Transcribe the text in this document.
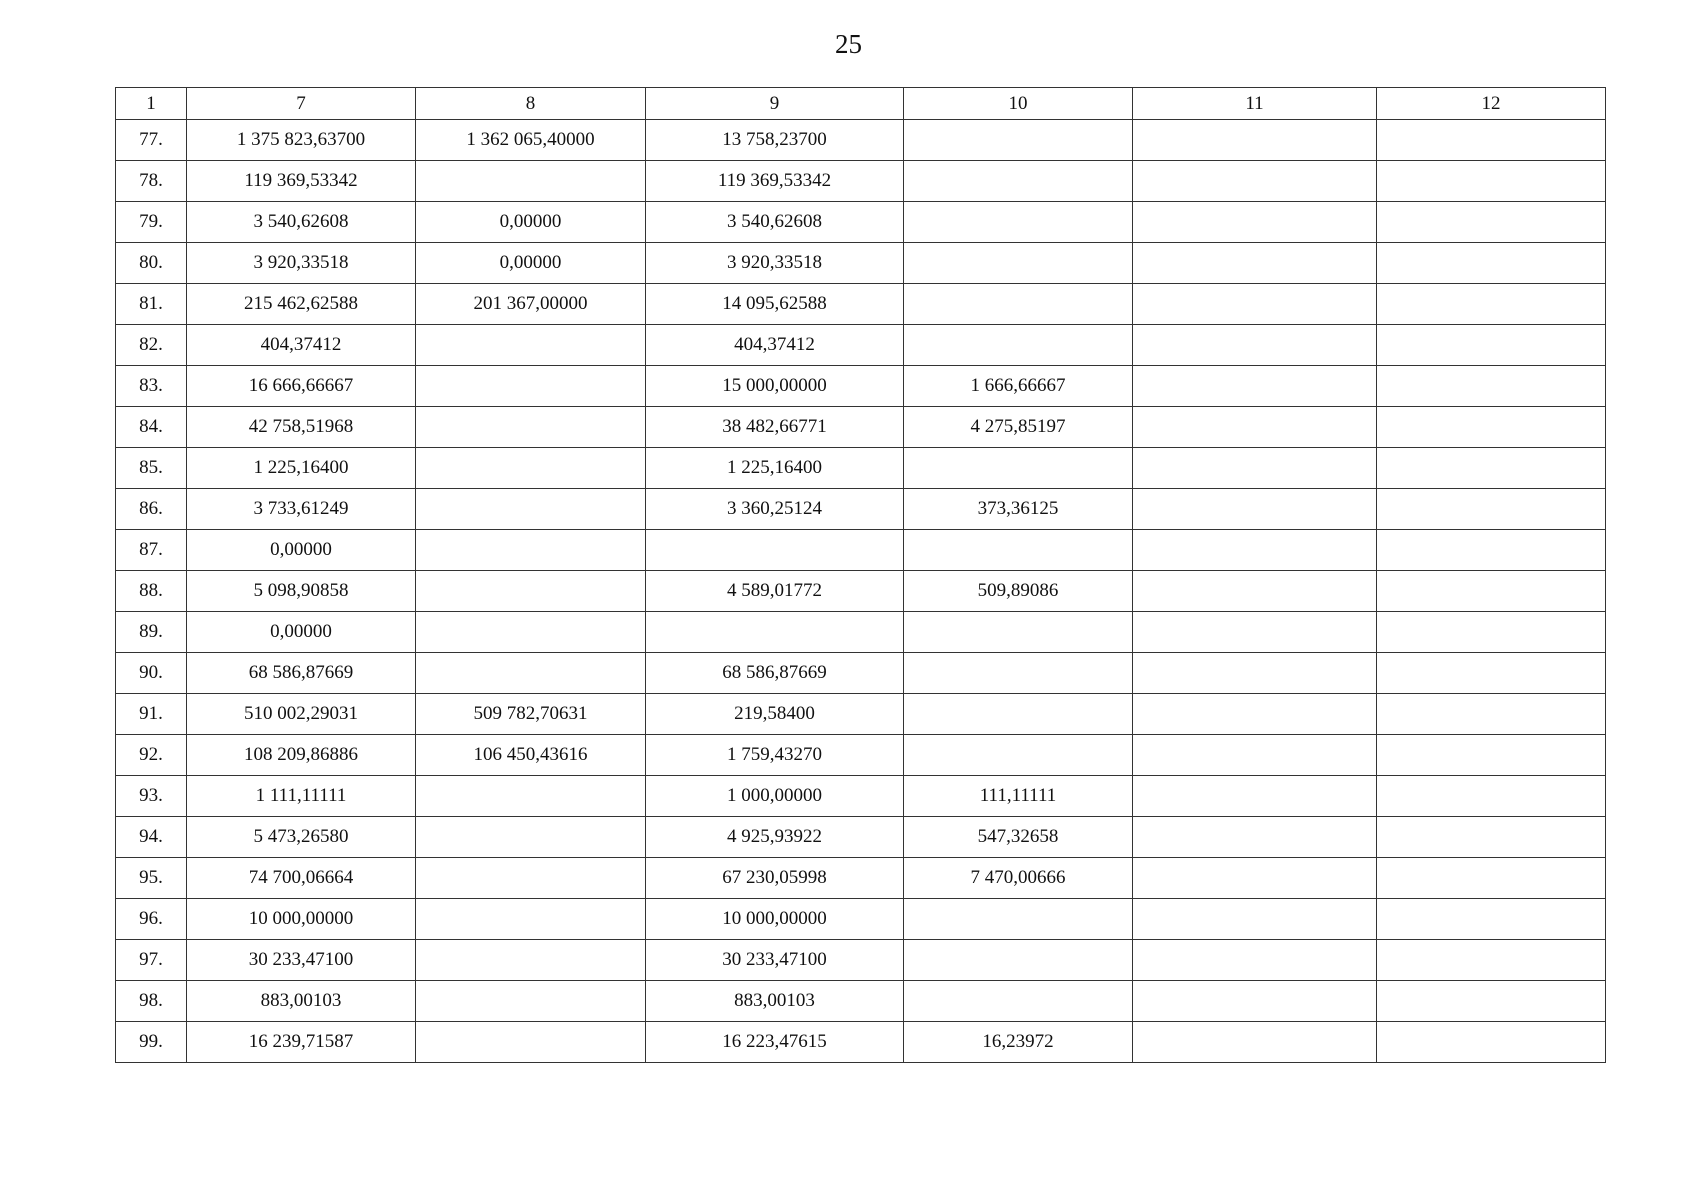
25
1	7	8	9	10	11	12
77.	1 375 823,63700	1 362 065,40000	13 758,23700			
78.	119 369,53342		119 369,53342			
79.	3 540,62608	0,00000	3 540,62608			
80.	3 920,33518	0,00000	3 920,33518			
81.	215 462,62588	201 367,00000	14 095,62588			
82.	404,37412		404,37412			
83.	16 666,66667		15 000,00000	1 666,66667		
84.	42 758,51968		38 482,66771	4 275,85197		
85.	1 225,16400		1 225,16400			
86.	3 733,61249		3 360,25124	373,36125		
87.	0,00000					
88.	5 098,90858		4 589,01772	509,89086		
89.	0,00000					
90.	68 586,87669		68 586,87669			
91.	510 002,29031	509 782,70631	219,58400			
92.	108 209,86886	106 450,43616	1 759,43270			
93.	1 111,11111		1 000,00000	111,11111		
94.	5 473,26580		4 925,93922	547,32658		
95.	74 700,06664		67 230,05998	7 470,00666		
96.	10 000,00000		10 000,00000			
97.	30 233,47100		30 233,47100			
98.	883,00103		883,00103			
99.	16 239,71587		16 223,47615	16,23972		
